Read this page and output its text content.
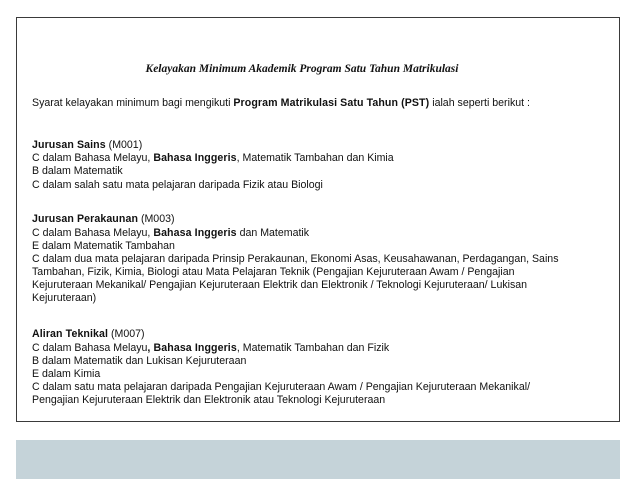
Kelayakan Minimum Akademik Program Satu Tahun Matrikulasi
Syarat kelayakan minimum bagi mengikuti Program Matrikulasi Satu Tahun (PST) ialah seperti berikut :
Jurusan Sains (M001)
C dalam Bahasa Melayu, Bahasa Inggeris, Matematik Tambahan dan Kimia
B dalam Matematik
C dalam salah satu mata pelajaran daripada Fizik atau Biologi
Jurusan Perakaunan (M003)
C dalam Bahasa Melayu, Bahasa Inggeris dan Matematik
E dalam Matematik Tambahan
C dalam dua mata pelajaran daripada Prinsip Perakaunan, Ekonomi Asas, Keusahawanan, Perdagangan, Sains
Tambahan, Fizik, Kimia, Biologi atau Mata Pelajaran Teknik (Pengajian Kejuruteraan Awam / Pengajian
Kejuruteraan Mekanikal/ Pengajian Kejuruteraan Elektrik dan Elektronik / Teknologi Kejuruteraan/ Lukisan
Kejuruteraan)
Aliran Teknikal (M007)
C dalam Bahasa Melayu, Bahasa Inggeris, Matematik Tambahan dan Fizik
B dalam Matematik dan Lukisan Kejuruteraan
E dalam Kimia
C dalam satu mata pelajaran daripada Pengajian Kejuruteraan Awam / Pengajian Kejuruteraan Mekanikal/
Pengajian Kejuruteraan Elektrik dan Elektronik atau Teknologi Kejuruteraan
